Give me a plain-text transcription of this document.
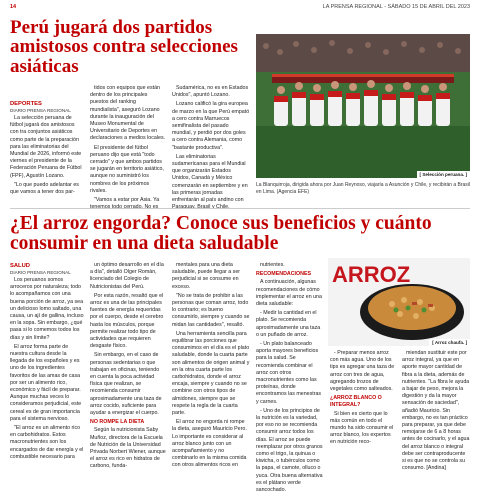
14	LA PRENSA REGIONAL - SÁBADO 15 DE ABRIL DEL 2023
Perú jugará dos partidos amistosos contra selecciones asiáticas
DEPORTES
DIARIO PRENSA REGIONAL

La selección peruana de fútbol jugará dos amistosos con tra conjuntos asiáticos como parte de la preparación para las eliminatorias del Mundial de 2026, informó este viernes el presidente de la Federación Peruana de Fútbol (FPF), Agustín Lozano.

"Lo que puedo adelantar es que vamos a tener dos par-

tidos con equipos que están dentro de los principales puestos del ranking mundialista", aseguró Lozano durante la inauguración del Museo Monumental de Universitario de Deportes en declaraciones a medios locales.

El presidente del fútbol peruano dijo que está "todo cerrado" y que ambos partidos se jugarán en territorio asiático, aunque no suministró los nombres de los próximos rivales.

"Vamos a estar por Asia. Ya

Sudamérica, no es en Estados Unidos", apuntó Lozano.

Lozano calificó la gira europea de marzo en la que Perú empató a cero contra Marruecos semifinalista del pasado mundial, y perdió por dos goles a cero contra Alemania, como "bastante productiva".

Las eliminatorias sudamericanas para el Mundial que organizarán Estados Unidos, Canadá y México comenzarán en septiembre y en las primeras jornadas enfrentarán al país andino con

[ Selección peruana. ]
La Blanquirroja, dirigida ahora por Juan Reynoso, viajaría a Asunción y Chile, y recibirán a Brasil en Lima. (Agencia EFE)
¿El arroz engorda? Conoce sus beneficios y cuánto consumir en una dieta saludable
SALUD
DIARIO PRENSA REGIONAL

Los peruanos somos arroceros por naturaleza; todo lo acompañamos con una buena porción de arroz, ya sea un delicioso lomo saltado, una causa, un ají de gallina, incluso en la sopa. Sin embargo, ¿qué pasa si lo comemos todos los días y sin límite?

El arroz forma parte de nuestra cultura desde la llegada de los españoles y es uno de los ingredientes favoritos de las amas de casa por ser un alimento rico, económico y fácil de preparar. Aunque muchas veces lo consideramos perjudicial, este cereal es de gran importancia para el sistema nervioso.

"El arroz es un alimento rico en carbohidratos. Estos macronutrientes son los encargados de dar energía y el combustible necesario para

un óptimo desarrollo en el día a día", detalló Olger Román, licenciado del Colegio de Nutricionistas del Perú.

Por esta razón, resaltó que el arroz es una de las principales fuentes de energía requeridas por el cuerpo, desde el cerebro hasta los músculos, porque permite realizar todo tipo de actividades que requieren desgaste físico.

Sin embargo, en el caso de personas sedentarias o que trabajan en oficinas, teniendo en cuenta la poca actividad física que realizan, se recomienda consumir aproximadamente una taza de arroz cocido, suficiente para ayudar a energizar el cuerpo.

NO ROMPE LA DIETA

Según la nutricionista Saby Muñoz, directora de la Escuela de Nutrición de la Universidad Privada Norbert Wiener, aunque el arroz es rico en hidratos de carbono, funda-

mentales para una dieta saludable, puede llegar a ser perjudicial si se consume en exceso.

"No se trata de prohibir a las personas que coman arroz, todo lo contrario; es bueno consumirlo, siempre y cuando se midan las cantidades", resaltó.

Una herramienta sencilla para equilibrar las porciones que consumimos en el día es el plato saludable, donde la cuarta parte son alimentos de origen animal y en la otra cuarta parte los carbohidratos, donde el arroz encaja, siempre y cuando no se combine con otros tipos de almidones, siempre que se respete la regla de la cuarta parte.

El arroz no engorda ni rompe la dieta, aseguró Mauricio Pero. Lo importante es considerar al arroz blanco junto con un acompañamiento y no combinarlo en la misma comida con otros alimentos ricos en

nutrientes.

RECOMENDACIONES

A continuación, algunas recomendaciones de cómo implementar el arroz en una dieta saludable:

- Medir la cantidad en el plato. Se recomienda aproximadamente una taza o un puñado de arroz.

- Un plato balanceado aporta mayores beneficios para la salud. Se recomienda combinar el arroz con otros macronutrientes como las proteínas, donde encontramos las menestras y carnes.

- Uno de los principios de la nutrición es la variedad, por eso no se recomienda consumir arroz todos los días. El arroz se puede reemplazar por otros granos como el trigo, la quinua o kiwicha, o tubérculos como la papa, el camote, olluco o yuca. Otra buena alternativa es el plátano verde sancochado.

ARROZ
[ Arroz chaufa. ]

- Preparar menos arroz con más agua. Uno de los tips es agregar una taza de arroz con tres de agua, agregando trozos de vegetales como salteados.

¿ARROZ BLANCO O INTEGRAL?

Si bien es cierto que lo más común en todo el mundo ha sido consumir el arroz blanco, los expertos en nutrición reco-

miendan sustituir este por arroz integral, ya que en aporte mayor cantidad de fibra a la dieta, además de nutrientes. "La fibra le ayuda a bajar de peso, mejora la digestión y da la mayor sensación de saciedad", añadió Mauricio. Sin embargo, no es tan práctico para preparar, ya que debe remojarse de 6 a 8 horas antes de cocinarlo, y el agua del arroz blanco o integral debe ser contraproducente si es que no se controla su consumo. [Andina]
